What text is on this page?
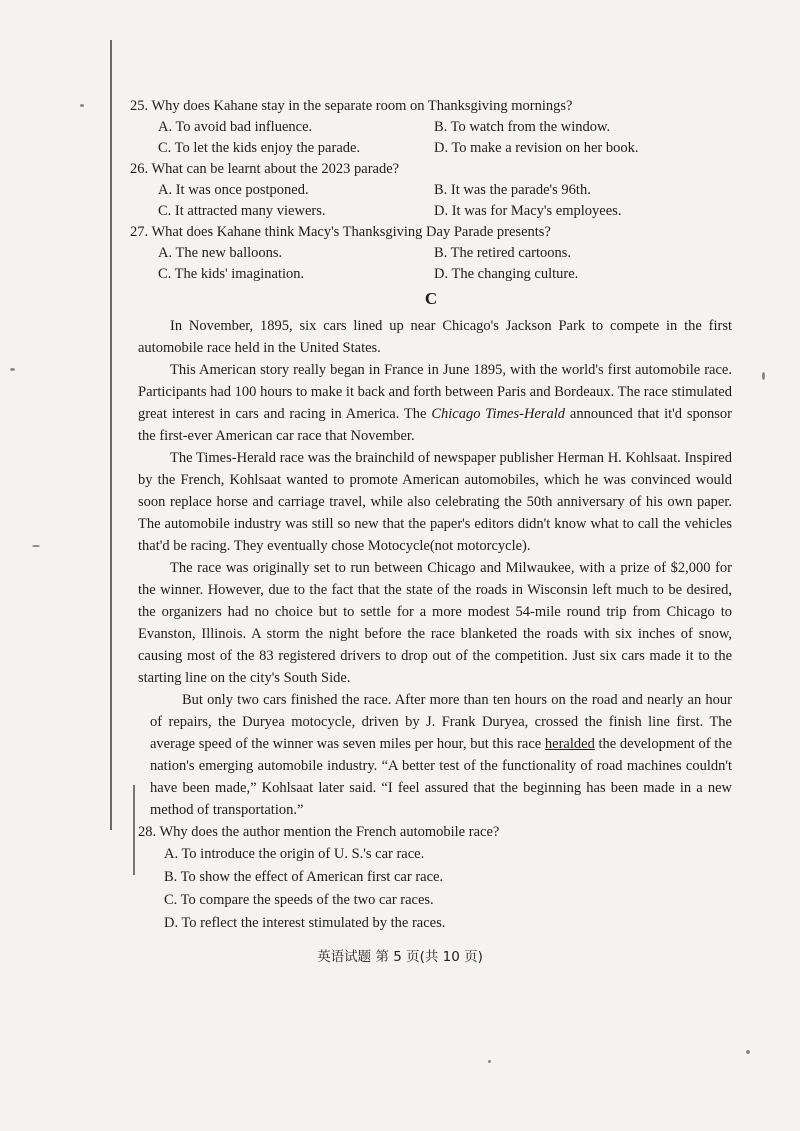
25. Why does Kahane stay in the separate room on Thanksgiving mornings?

A. To avoid bad influence.	B. To watch from the window.
C. To let the kids enjoy the parade.	D. To make a revision on her book.

26. What can be learnt about the 2023 parade?

A. It was once postponed.	B. It was the parade's 96th.
C. It attracted many viewers.	D. It was for Macy's employees.

27. What does Kahane think Macy's Thanksgiving Day Parade presents?

A. The new balloons.	B. The retired cartoons.
C. The kids' imagination.	D. The changing culture.
C

In November, 1895, six cars lined up near Chicago's Jackson Park to compete in the first automobile race held in the United States.

This American story really began in France in June 1895, with the world's first automobile race. Participants had 100 hours to make it back and forth between Paris and Bordeaux. The race stimulated great interest in cars and racing in America. The Chicago Times-Herald announced that it'd sponsor the first-ever American car race that November.

The Times-Herald race was the brainchild of newspaper publisher Herman H. Kohlsaat. Inspired by the French, Kohlsaat wanted to promote American automobiles, which he was convinced would soon replace horse and carriage travel, while also celebrating the 50th anniversary of his own paper. The automobile industry was still so new that the paper's editors didn't know what to call the vehicles that'd be racing. They eventually chose Motocycle(not motorcycle).

The race was originally set to run between Chicago and Milwaukee, with a prize of $2,000 for the winner. However, due to the fact that the state of the roads in Wisconsin left much to be desired, the organizers had no choice but to settle for a more modest 54-mile round trip from Chicago to Evanston, Illinois. A storm the night before the race blanketed the roads with six inches of snow, causing most of the 83 registered drivers to drop out of the competition. Just six cars made it to the starting line on the city's South Side.

But only two cars finished the race. After more than ten hours on the road and nearly an hour of repairs, the Duryea motocycle, driven by J. Frank Duryea, crossed the finish line first. The average speed of the winner was seven miles per hour, but this race heralded the development of the nation's emerging automobile industry. “A better test of the functionality of road machines couldn't have been made,” Kohlsaat later said. “I feel assured that the beginning has been made in a new method of transportation.”

28. Why does the author mention the French automobile race?

A. To introduce the origin of U. S.'s car race.
B. To show the effect of American first car race.
C. To compare the speeds of the two car races.
D. To reflect the interest stimulated by the races.
英语试题 第 5 页(共 10 页)
